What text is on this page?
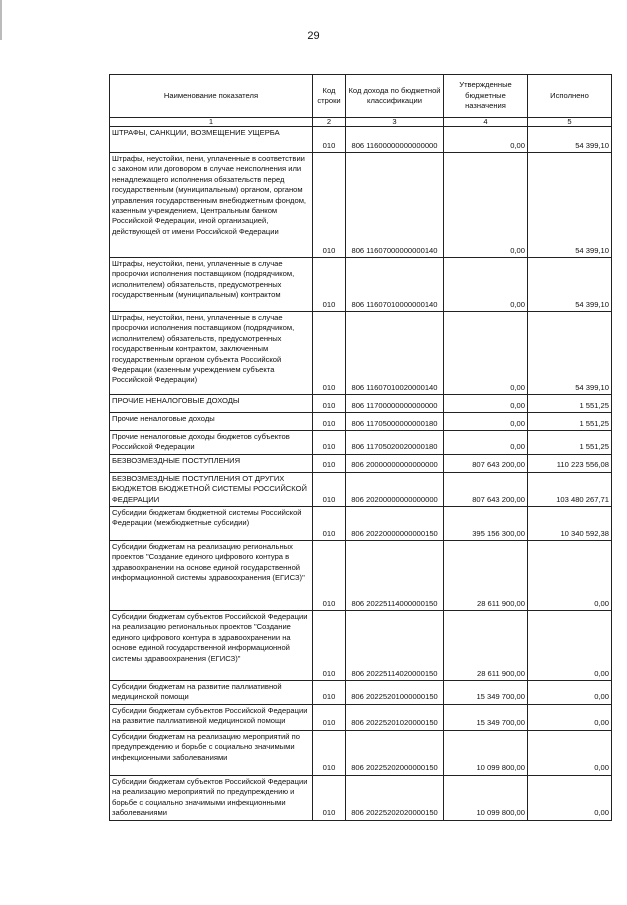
29
Наименование показателя	Код строки	Код дохода по бюджетной классификации	Утвержденные бюджетные назначения	Исполнено
1	2	3	4	5
ШТРАФЫ, САНКЦИИ, ВОЗМЕЩЕНИЕ УЩЕРБА	010	806 11600000000000000	0,00	54 399,10
Штрафы, неустойки, пени, уплаченные в соответствии с законом или договором в случае неисполнения или ненадлежащего исполнения обязательств перед государственным (муниципальным) органом, органом управления государственным внебюджетным фондом, казенным учреждением, Центральным банком Российской Федерации, иной организацией, действующей от имени Российской Федерации	010	806 11607000000000140	0,00	54 399,10
Штрафы, неустойки, пени, уплаченные в случае просрочки исполнения поставщиком (подрядчиком, исполнителем) обязательств, предусмотренных государственным (муниципальным) контрактом	010	806 11607010000000140	0,00	54 399,10
Штрафы, неустойки, пени, уплаченные в случае просрочки исполнения поставщиком (подрядчиком, исполнителем) обязательств, предусмотренных государственным контрактом, заключенным государственным органом субъекта Российской Федерации (казенным учреждением субъекта Российской Федерации)	010	806 11607010020000140	0,00	54 399,10
ПРОЧИЕ НЕНАЛОГОВЫЕ ДОХОДЫ	010	806 11700000000000000	0,00	1 551,25
Прочие неналоговые доходы	010	806 11705000000000180	0,00	1 551,25
Прочие неналоговые доходы бюджетов субъектов Российской Федерации	010	806 11705020020000180	0,00	1 551,25
БЕЗВОЗМЕЗДНЫЕ ПОСТУПЛЕНИЯ	010	806 20000000000000000	807 643 200,00	110 223 556,08
БЕЗВОЗМЕЗДНЫЕ ПОСТУПЛЕНИЯ ОТ ДРУГИХ БЮДЖЕТОВ БЮДЖЕТНОЙ СИСТЕМЫ РОССИЙСКОЙ ФЕДЕРАЦИИ	010	806 20200000000000000	807 643 200,00	103 480 267,71
Субсидии бюджетам бюджетной системы Российской Федерации (межбюджетные субсидии)	010	806 20220000000000150	395 156 300,00	10 340 592,38
Субсидии бюджетам на реализацию региональных проектов "Создание единого цифрового контура в здравоохранении на основе единой государственной информационной системы здравоохранения (ЕГИСЗ)"	010	806 20225114000000150	28 611 900,00	0,00
Субсидии бюджетам субъектов Российской Федерации на реализацию региональных проектов "Создание единого цифрового контура в здравоохранении на основе единой государственной информационной системы здравоохранения (ЕГИСЗ)"	010	806 20225114020000150	28 611 900,00	0,00
Субсидии бюджетам на развитие паллиативной медицинской помощи	010	806 20225201000000150	15 349 700,00	0,00
Субсидии бюджетам субъектов Российской Федерации на развитие паллиативной медицинской помощи	010	806 20225201020000150	15 349 700,00	0,00
Субсидии бюджетам на реализацию мероприятий по предупреждению и борьбе с социально значимыми инфекционными заболеваниями	010	806 20225202000000150	10 099 800,00	0,00
Субсидии бюджетам субъектов Российской Федерации на реализацию мероприятий по предупреждению и борьбе с социально значимыми инфекционными заболеваниями	010	806 20225202020000150	10 099 800,00	0,00
